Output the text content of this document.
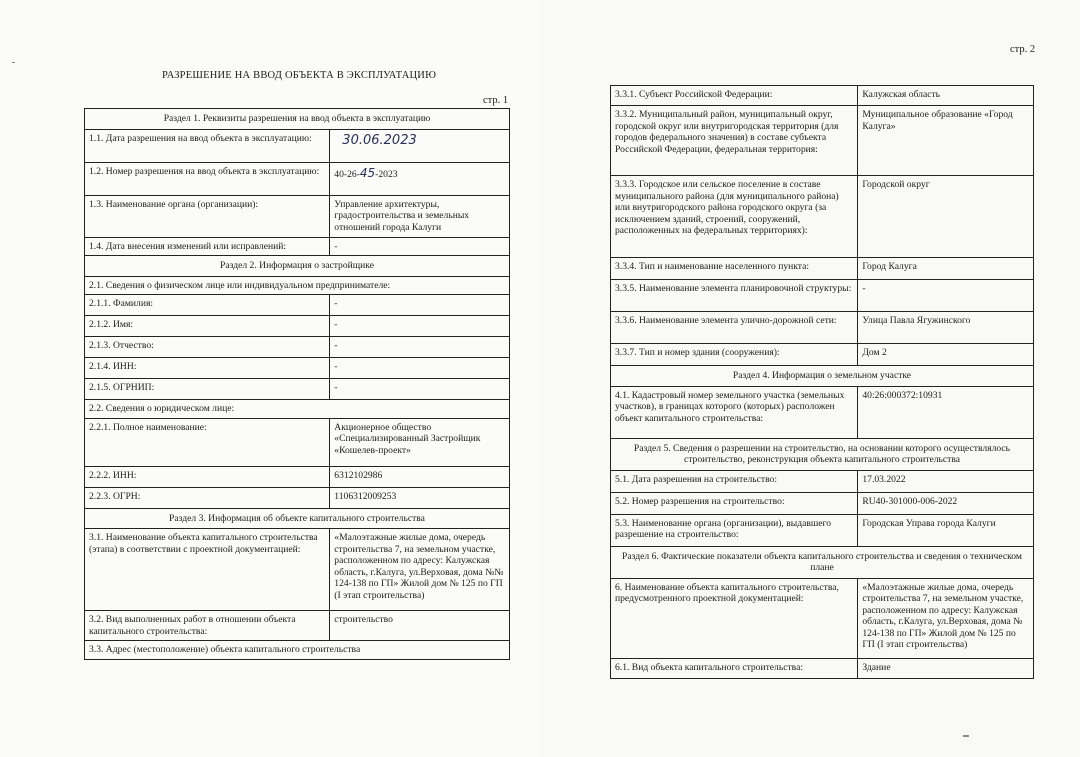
РАЗРЕШЕНИЕ НА ВВОД ОБЪЕКТА В ЭКСПЛУАТАЦИЮ
стр. 1
стр. 2
Раздел 1. Реквизиты разрешения на ввод объекта в эксплуатацию	
1.1. Дата разрешения на ввод объекта в эксплуатацию:	30.06.2023
1.2. Номер разрешения на ввод объекта в эксплуатацию:	40-26-45-2023
1.3. Наименование органа (организации):	Управление архитектуры, градостроительства и земельных отношений города Калуги
1.4. Дата внесения изменений или исправлений:	-
Раздел 2. Информация о застройщике	
2.1. Сведения о физическом лице или индивидуальном предпринимателе:	
2.1.1. Фамилия:	-
2.1.2. Имя:	-
2.1.3. Отчество:	-
2.1.4. ИНН:	-
2.1.5. ОГРНИП:	-
2.2. Сведения о юридическом лице:	
2.2.1. Полное наименование:	Акционерное общество «Специализированный Застройщик «Кошелев-проект»
2.2.2. ИНН:	6312102986
2.2.3. ОГРН:	1106312009253
Раздел 3. Информация об объекте капитального строительства	
3.1. Наименование объекта капитального строительства (этапа) в соответствии с проектной документацией:	«Малоэтажные жилые дома, очередь строительства 7, на земельном участке, расположенном по адресу: Калужская область, г.Калуга, ул.Верховая, дома №№ 124-138 по ГП» Жилой дом № 125 по ГП (I этап строительства)
3.2. Вид выполненных работ в отношении объекта капитального строительства:	строительство
3.3. Адрес (местоположение) объекта капитального строительства	
3.3.1. Субъект Российской Федерации:	Калужская область
3.3.2. Муниципальный район, муниципальный округ, городской округ или внутригородская территория (для городов федерального значения) в составе субъекта Российской Федерации, федеральная территория:	Муниципальное образование «Город Калуга»
3.3.3. Городское или сельское поселение в составе муниципального района (для муниципального района) или внутригородского района городского округа (за исключением зданий, строений, сооружений, расположенных на федеральных территориях):	Городской округ
3.3.4. Тип и наименование населенного пункта:	Город Калуга
3.3.5. Наименование элемента планировочной структуры:	-
3.3.6. Наименование элемента улично-дорожной сети:	Улица Павла Ягужинского
3.3.7. Тип и номер здания (сооружения):	Дом 2
Раздел 4. Информация о земельном участке	
4.1. Кадастровый номер земельного участка (земельных участков), в границах которого (которых) расположен объект капитального строительства:	40:26:000372:10931
Раздел 5. Сведения о разрешении на строительство, на основании которого осуществлялось строительство, реконструкция объекта капитального строительства	
5.1. Дата разрешения на строительство:	17.03.2022
5.2. Номер разрешения на строительство:	RU40-301000-006-2022
5.3. Наименование органа (организации), выдавшего разрешение на строительство:	Городская Управа города Калуги
Раздел 6. Фактические показатели объекта капитального строительства и сведения о техническом плане	
6. Наименование объекта капитального строительства, предусмотренного проектной документацией:	«Малоэтажные жилые дома, очередь строительства 7, на земельном участке, расположенном по адресу: Калужская область, г.Калуга, ул.Верховая, дома № 124-138 по ГП» Жилой дом № 125 по ГП (I этап строительства)
6.1. Вид объекта капитального строительства:	Здание
